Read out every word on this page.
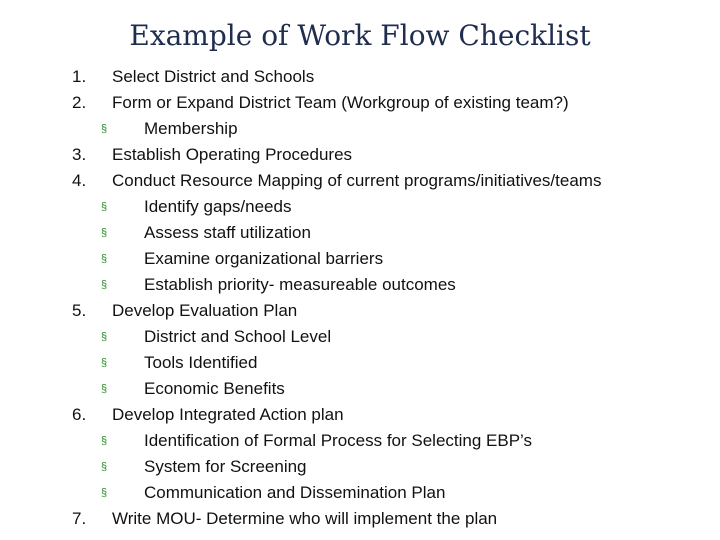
Example of Work Flow Checklist
1. Select District and Schools
2. Form or Expand District Team (Workgroup of existing team?)
§ Membership
3. Establish Operating Procedures
4. Conduct Resource Mapping of current programs/initiatives/teams
§ Identify gaps/needs
§ Assess staff utilization
§ Examine organizational barriers
§ Establish priority- measureable outcomes
5. Develop Evaluation Plan
§ District and School Level
§ Tools Identified
§ Economic Benefits
6. Develop Integrated Action plan
§ Identification of Formal Process for Selecting EBP’s
§ System for Screening
§ Communication and Dissemination Plan
7. Write MOU- Determine who will implement the plan
